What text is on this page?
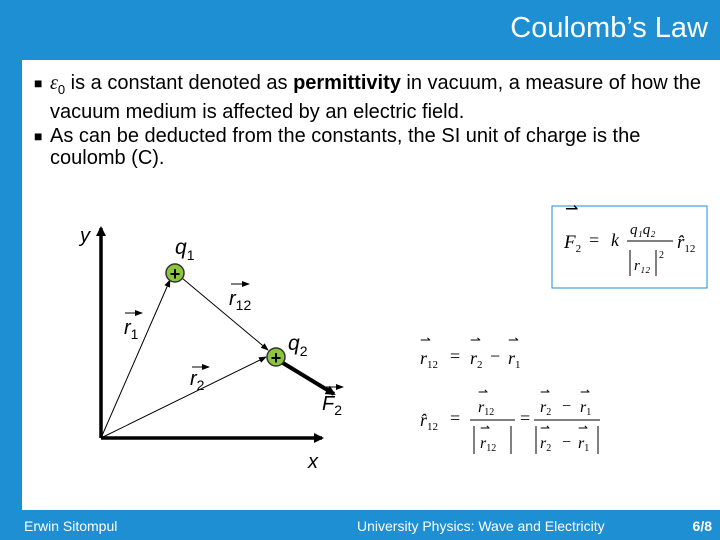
Coulomb’s Law
■ $\varepsilon_0$ is a constant denoted as permittivity in vacuum, a measure of how the vacuum medium is affected by an electric field.
■ As can be deducted from the constants, the SI unit of charge is the coulomb (C).
y
x
+
$q_1$
+
$q_2$
$r_1$
$r_2$
$r_{12}$
$F_2$
⇀
$F_2 = k$ q₁q₂
r₁₂
2
$r̂_{12}$
⇀
$r_{12}$ =
⇀
$r_2$ −
⇀
$r_1$
$r̂_{12}$ =
⇀
r12
⇀
r12
=
⇀
r2 −
⇀
r1
⇀
r2 −
⇀
r1
Erwin Sitompul	University Physics: Wave and Electricity	6/8
